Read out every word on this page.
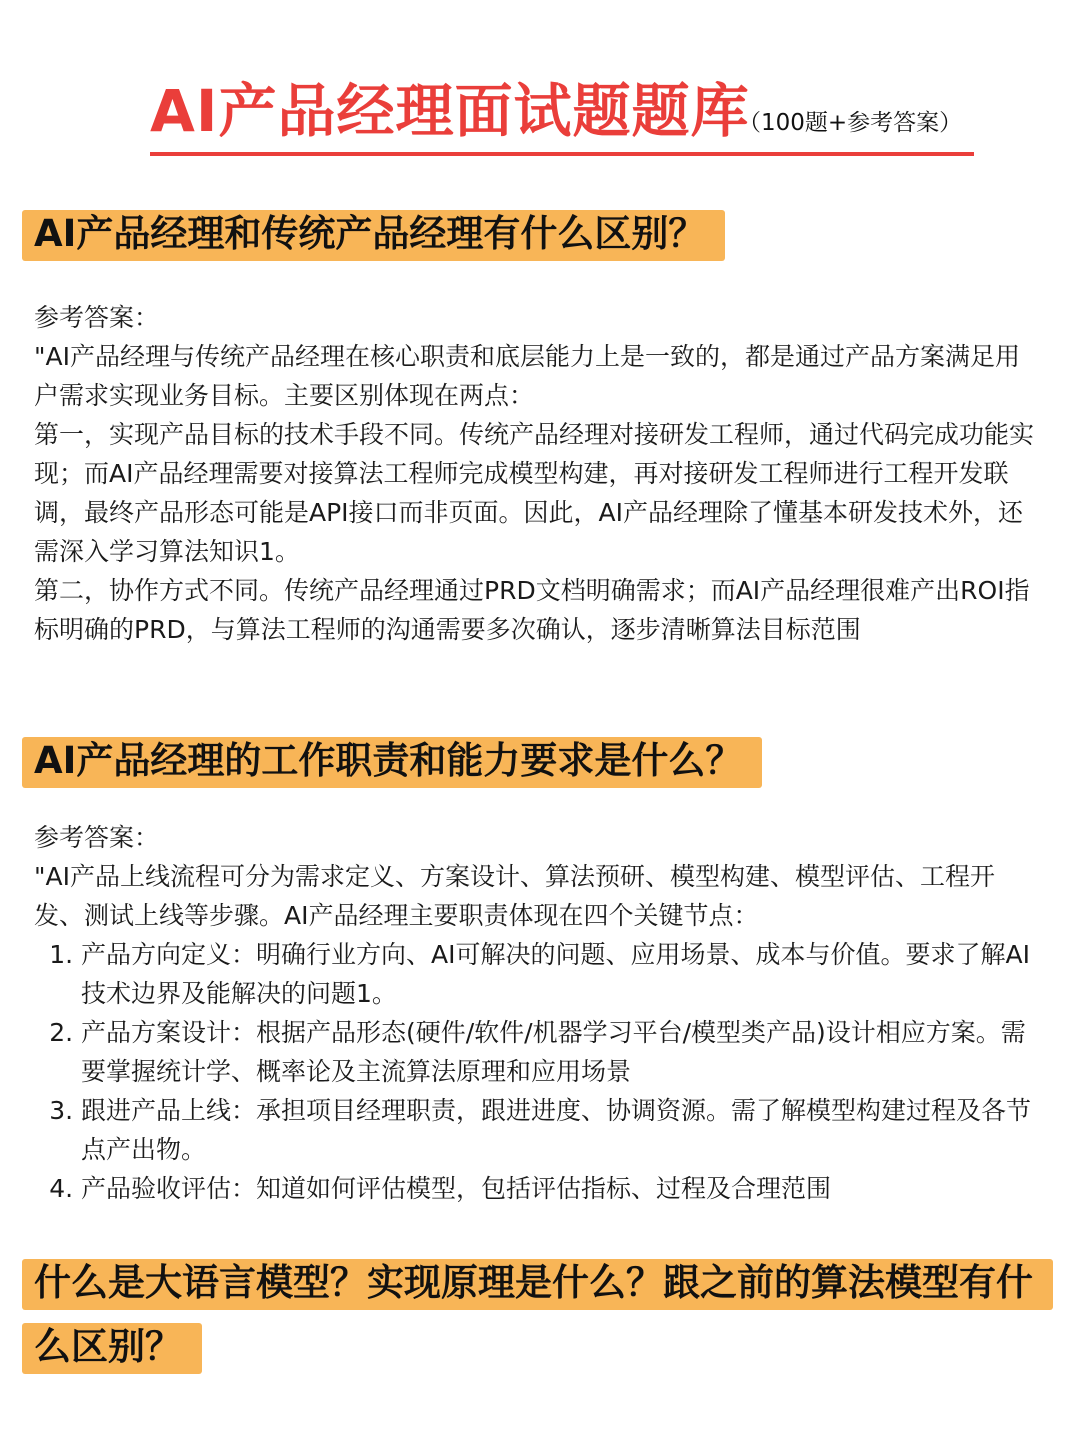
AI产品经理面试题题库
（100题+参考答案）
AI产品经理和传统产品经理有什么区别？

参考答案：

"AI产品经理与传统产品经理在核心职责和底层能力上是一致的，都是通过产品方案满足用户需求实现业务目标。主要区别体现在两点：

第一，实现产品目标的技术手段不同。传统产品经理对接研发工程师，通过代码完成功能实现；而AI产品经理需要对接算法工程师完成模型构建，再对接研发工程师进行工程开发联调，最终产品形态可能是API接口而非页面。因此，AI产品经理除了懂基本研发技术外，还需深入学习算法知识1。

第二，协作方式不同。传统产品经理通过PRD文档明确需求；而AI产品经理很难产出ROI指标明确的PRD，与算法工程师的沟通需要多次确认，逐步清晰算法目标范围

AI产品经理的工作职责和能力要求是什么？

参考答案：

"AI产品上线流程可分为需求定义、方案设计、算法预研、模型构建、模型评估、工程开发、测试上线等步骤。AI产品经理主要职责体现在四个关键节点：

1. 产品方向定义：明确行业方向、AI可解决的问题、应用场景、成本与价值。要求了解AI技术边界及能解决的问题1。
2. 产品方案设计：根据产品形态(硬件/软件/机器学习平台/模型类产品)设计相应方案。需要掌握统计学、概率论及主流算法原理和应用场景
3. 跟进产品上线：承担项目经理职责，跟进进度、协调资源。需了解模型构建过程及各节点产出物。
4. 产品验收评估：知道如何评估模型，包括评估指标、过程及合理范围
什么是大语言模型？实现原理是什么？跟之前的算法模型有什么区别？
